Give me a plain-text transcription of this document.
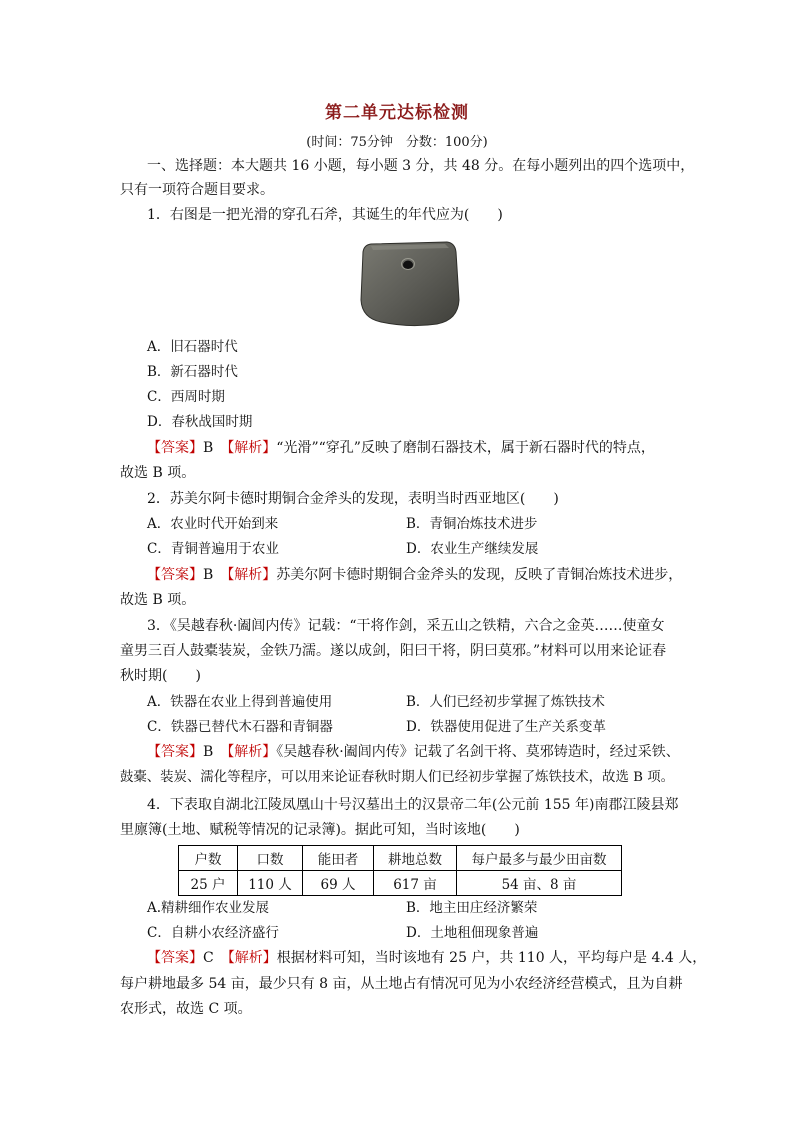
第二单元达标检测
(时间：75分钟　分数：100分)
一、选择题：本大题共 16 小题，每小题 3 分，共 48 分。在每小题列出的四个选项中，
只有一项符合题目要求。
1．右图是一把光滑的穿孔石斧，其诞生的年代应为(　　)
A．旧石器时代
B．新石器时代
C．西周时期
D．春秋战国时期
【答案】B　 【解析】“光滑”“穿孔”反映了磨制石器技术，属于新石器时代的特点，
故选 B 项。
2．苏美尔阿卡德时期铜合金斧头的发现，表明当时西亚地区(　　)
A．农业时代开始到来	B．青铜冶炼技术进步
C．青铜普遍用于农业	D．农业生产继续发展
【答案】B　 【解析】苏美尔阿卡德时期铜合金斧头的发现，反映了青铜冶炼技术进步，
故选 B 项。
3．《吴越春秋·阖闾内传》记载：“干将作剑，采五山之铁精，六合之金英……使童女
童男三百人鼓橐装炭，金铁乃濡。遂以成剑，阳曰干将，阴曰莫邪。”材料可以用来论证春
秋时期(　　)
A．铁器在农业上得到普遍使用	B．人们已经初步掌握了炼铁技术
C．铁器已替代木石器和青铜器	D．铁器使用促进了生产关系变革
【答案】B　 【解析】《吴越春秋·阖闾内传》记载了名剑干将、莫邪铸造时，经过采铁、
鼓橐、装炭、濡化等程序，可以用来论证春秋时期人们已经初步掌握了炼铁技术，故选 B 项。
4．下表取自湖北江陵凤凰山十号汉墓出土的汉景帝二年(公元前 155 年)南郡江陵县郑
里廪簿(土地、赋税等情况的记录簿)。据此可知，当时该地(　　)
户数	口数	能田者	耕地总数	每户最多与最少田亩数
25 户	110 人	69 人	617 亩	54 亩、8 亩
A.精耕细作农业发展	B．地主田庄经济繁荣
C．自耕小农经济盛行	D．土地租佃现象普遍
【答案】C　 【解析】根据材料可知，当时该地有 25 户，共 110 人，平均每户是 4.4 人，
每户耕地最多 54 亩，最少只有 8 亩，从土地占有情况可见为小农经济经营模式，且为自耕
农形式，故选 C 项。
